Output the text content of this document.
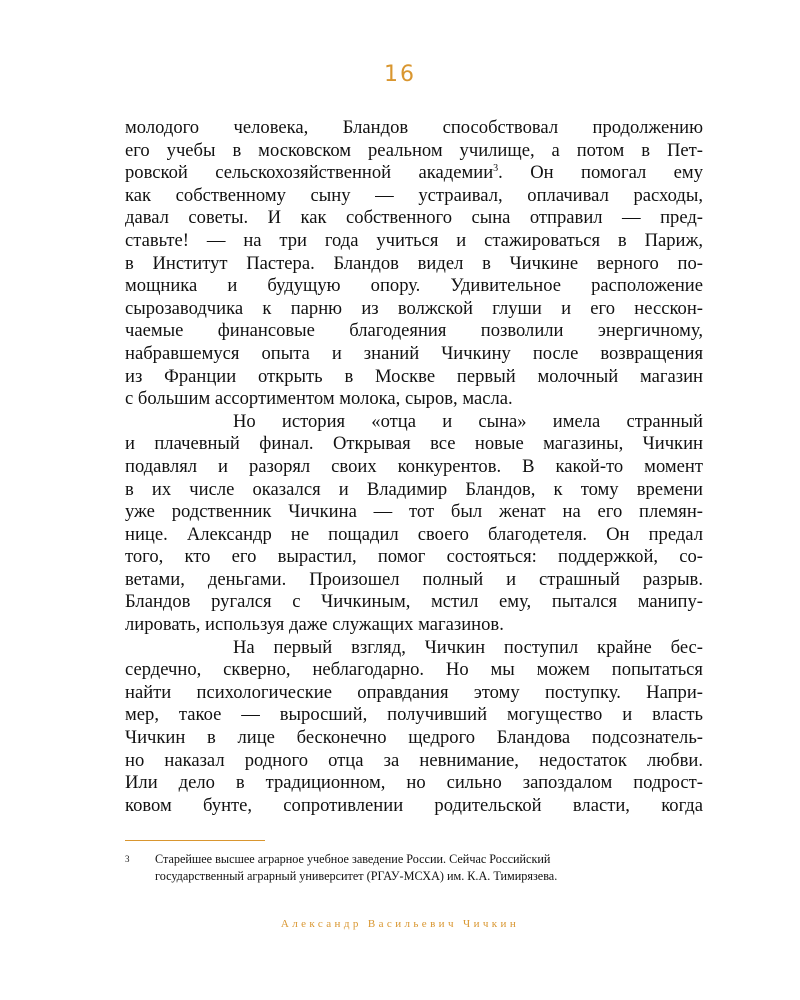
16
молодого человека, Бландов способствовал продолжению
его учебы в московском реальном училище, а потом в Пет-
ровской сельскохозяйственной академии$^3$. Он помогал ему
как собственному сыну — устраивал, оплачивал расходы,
давал советы. И как собственного сына отправил — пред-
ставьте! — на три года учиться и стажироваться в Париж,
в Институт Пастера. Бландов видел в Чичкине верного по-
мощника и будущую опору. Удивительное расположение
сырозаводчика к парню из волжской глуши и его несскон-
чаемые финансовые благодеяния позволили энергичному,
набравшемуся опыта и знаний Чичкину после возвращения
из Франции открыть в Москве первый молочный магазин
с большим ассортиментом молока, сыров, масла.
Но история «отца и сына» имела странный
и плачевный финал. Открывая все новые магазины, Чичкин
подавлял и разорял своих конкурентов. В какой-то момент
в их числе оказался и Владимир Бландов, к тому времени
уже родственник Чичкина — тот был женат на его племян-
нице. Александр не пощадил своего благодетеля. Он предал
того, кто его вырастил, помог состояться: поддержкой, со-
ветами, деньгами. Произошел полный и страшный разрыв.
Бландов ругался с Чичкиным, мстил ему, пытался манипу-
лировать, используя даже служащих магазинов.
На первый взгляд, Чичкин поступил крайне бес-
сердечно, скверно, неблагодарно. Но мы можем попытаться
найти психологические оправдания этому поступку. Напри-
мер, такое — выросший, получивший могущество и власть
Чичкин в лице бесконечно щедрого Бландова подсознатель-
но наказал родного отца за невнимание, недостаток любви.
Или дело в традиционном, но сильно запоздалом подрост-
ковом бунте, сопротивлении родительской власти, когда
3 Старейшее высшее аграрное учебное заведение России. Сейчас Российский
государственный аграрный университет (РГАУ-МСХА) им. К.А. Тимирязева.
Александр Васильевич Чичкин
